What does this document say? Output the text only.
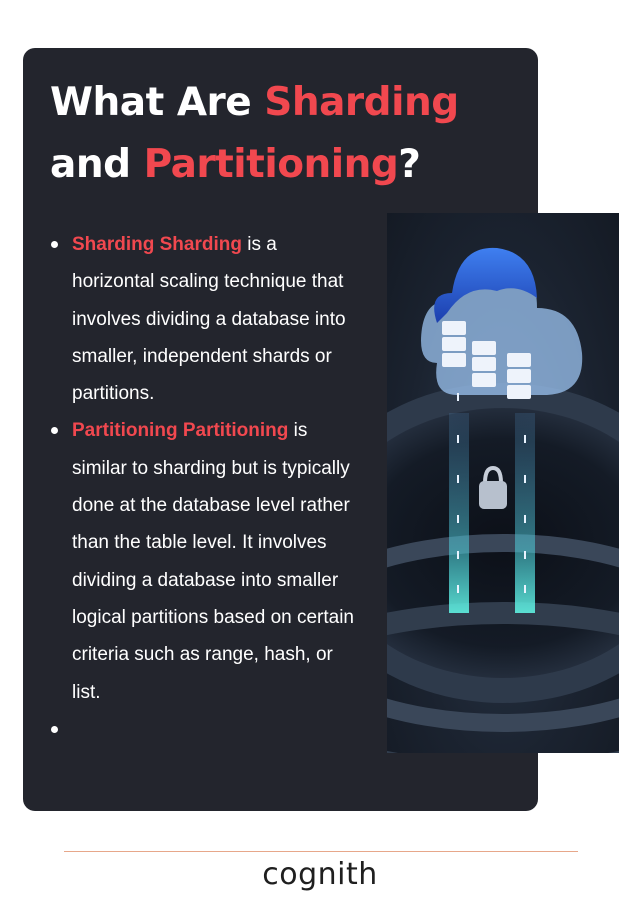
What Are Sharding
and Partitioning?
Sharding Sharding is a horizontal scaling technique that involves dividing a database into smaller, independent shards or partitions.
Partitioning Partitioning is similar to sharding but is typically done at the database level rather than the table level. It involves dividing a database into smaller logical partitions based on certain criteria such as range, hash, or list.
cognith
